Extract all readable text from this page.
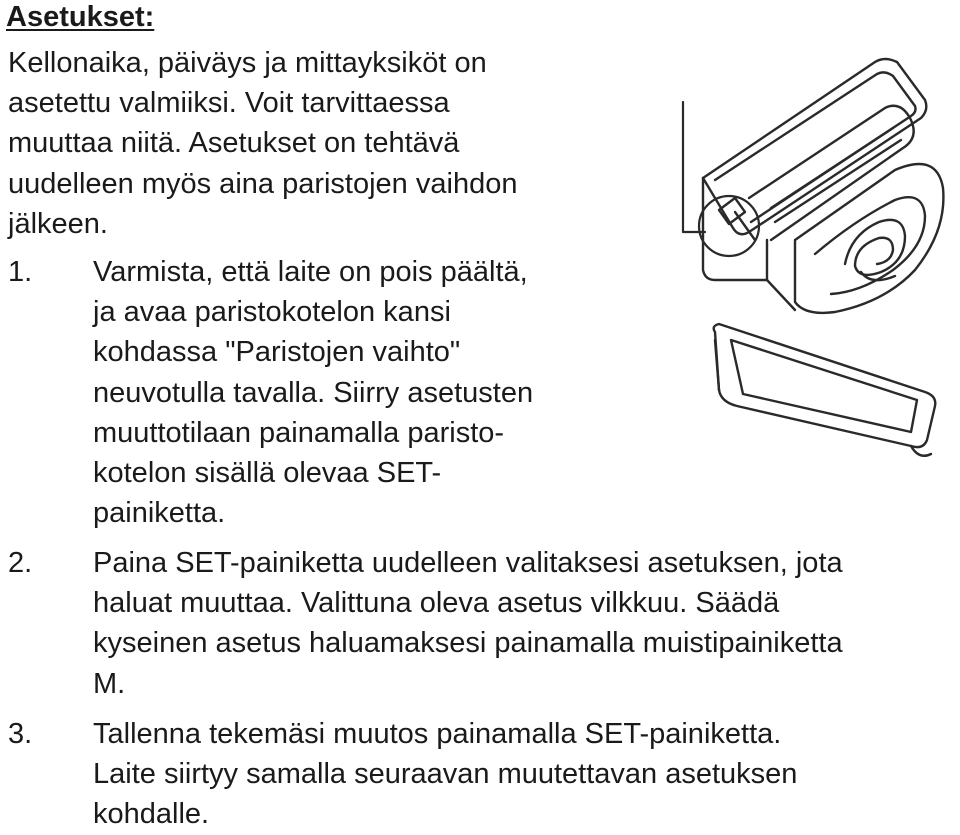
Asetukset:

Kellonaika, päiväys ja mittayksiköt on
asetettu valmiiksi. Voit tarvittaessa
muuttaa niitä. Asetukset on tehtävä
uudelleen myös aina paristojen vaihdon
jälkeen.

1. Varmista, että laite on pois päältä,
ja avaa paristokotelon kansi
kohdassa "Paristojen vaihto"
neuvotulla tavalla. Siirry asetusten
muuttotilaan painamalla paristo-
kotelon sisällä olevaa SET-
painiketta.
2. Paina SET-painiketta uudelleen valitaksesi asetuksen, jota
haluat muuttaa. Valittuna oleva asetus vilkkuu. Säädä
kyseinen asetus haluamaksesi painamalla muistipainiketta
M.
3. Tallenna tekemäsi muutos painamalla SET-painiketta.
Laite siirtyy samalla seuraavan muutettavan asetuksen
kohdalle.
